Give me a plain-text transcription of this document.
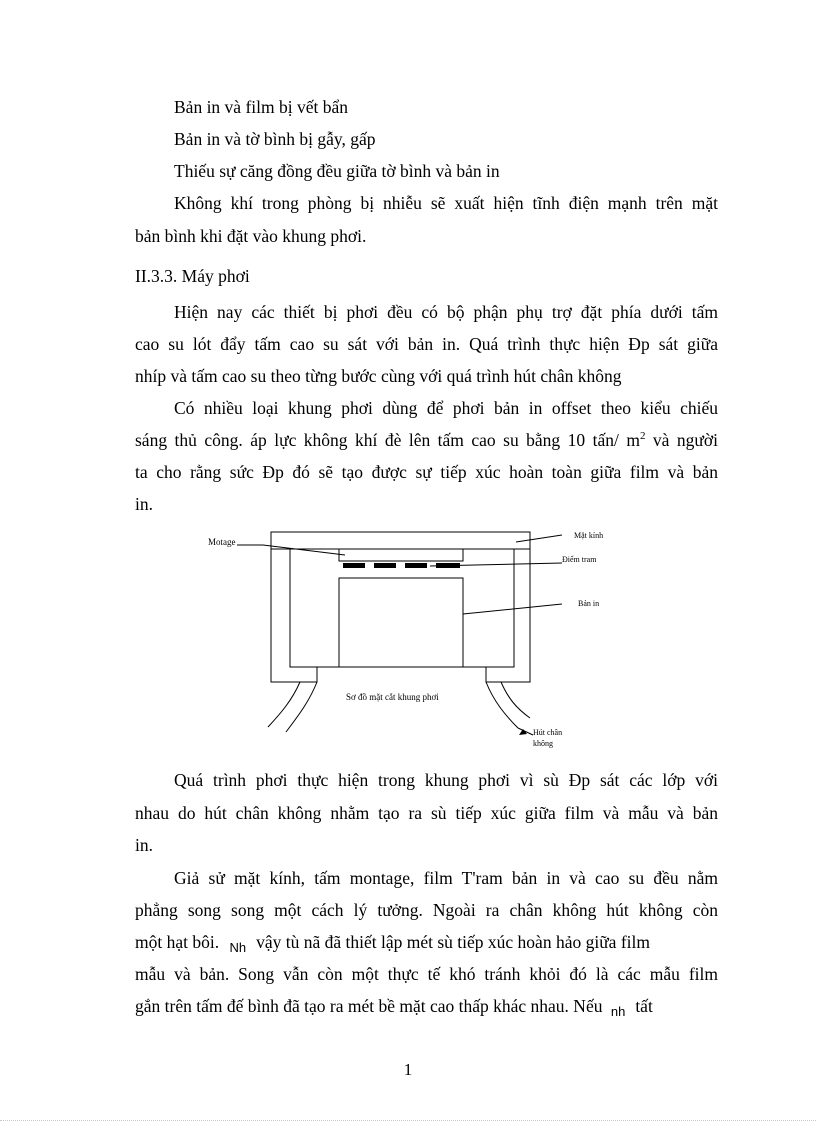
Bản in và film bị vết bẩn
Bản in và tờ bình bị gẫy, gấp
Thiếu sự căng đồng đều giữa tờ bình và bản in
Không khí trong phòng bị nhiễu sẽ xuất hiện tĩnh điện mạnh trên mặt
bản bình khi đặt vào khung phơi.
II.3.3. Máy phơi
Hiện nay các thiết bị phơi đều có bộ phận phụ trợ đặt phía dưới tấm
cao su lót đẩy tấm cao su sát với bản in. Quá trình thực hiện Đp sát giữa
nhíp và tấm cao su theo từng bước cùng với quá trình hút chân không
Có nhiều loại khung phơi dùng để phơi bản in offset theo kiểu chiếu
sáng thủ công. áp lực không khí đè lên tấm cao su bằng 10 tấn/ $m^2$ và người
ta cho rằng sức Đp đó sẽ tạo được sự tiếp xúc hoàn toàn giữa film và bản
in.
Motage
Mặt kính
Điểm tram
Bản in
Sơ đồ mặt cắt khung phơi
Hút chân
không
Quá trình phơi thực hiện trong khung phơi vì sù Đp sát các lớp với
nhau do hút chân không nhằm tạo ra sù tiếp xúc giữa film và mẫu và bản
in.
Giả sử mặt kính, tấm montage, film T'ram bản in và cao su đều nằm
phẳng song song một cách lý tưởng. Ngoài ra chân không hút không còn
một hạt bôi. $_{Nh}$ vậy tù nã đã thiết lập mét sù tiếp xúc hoàn hảo giữa film
mẫu và bản. Song vẫn còn một thực tế khó tránh khỏi đó là các mẫu film
gắn trên tấm đế bình đã tạo ra mét bề mặt cao thấp khác nhau. Nếu $_{nh}$ tất
1
